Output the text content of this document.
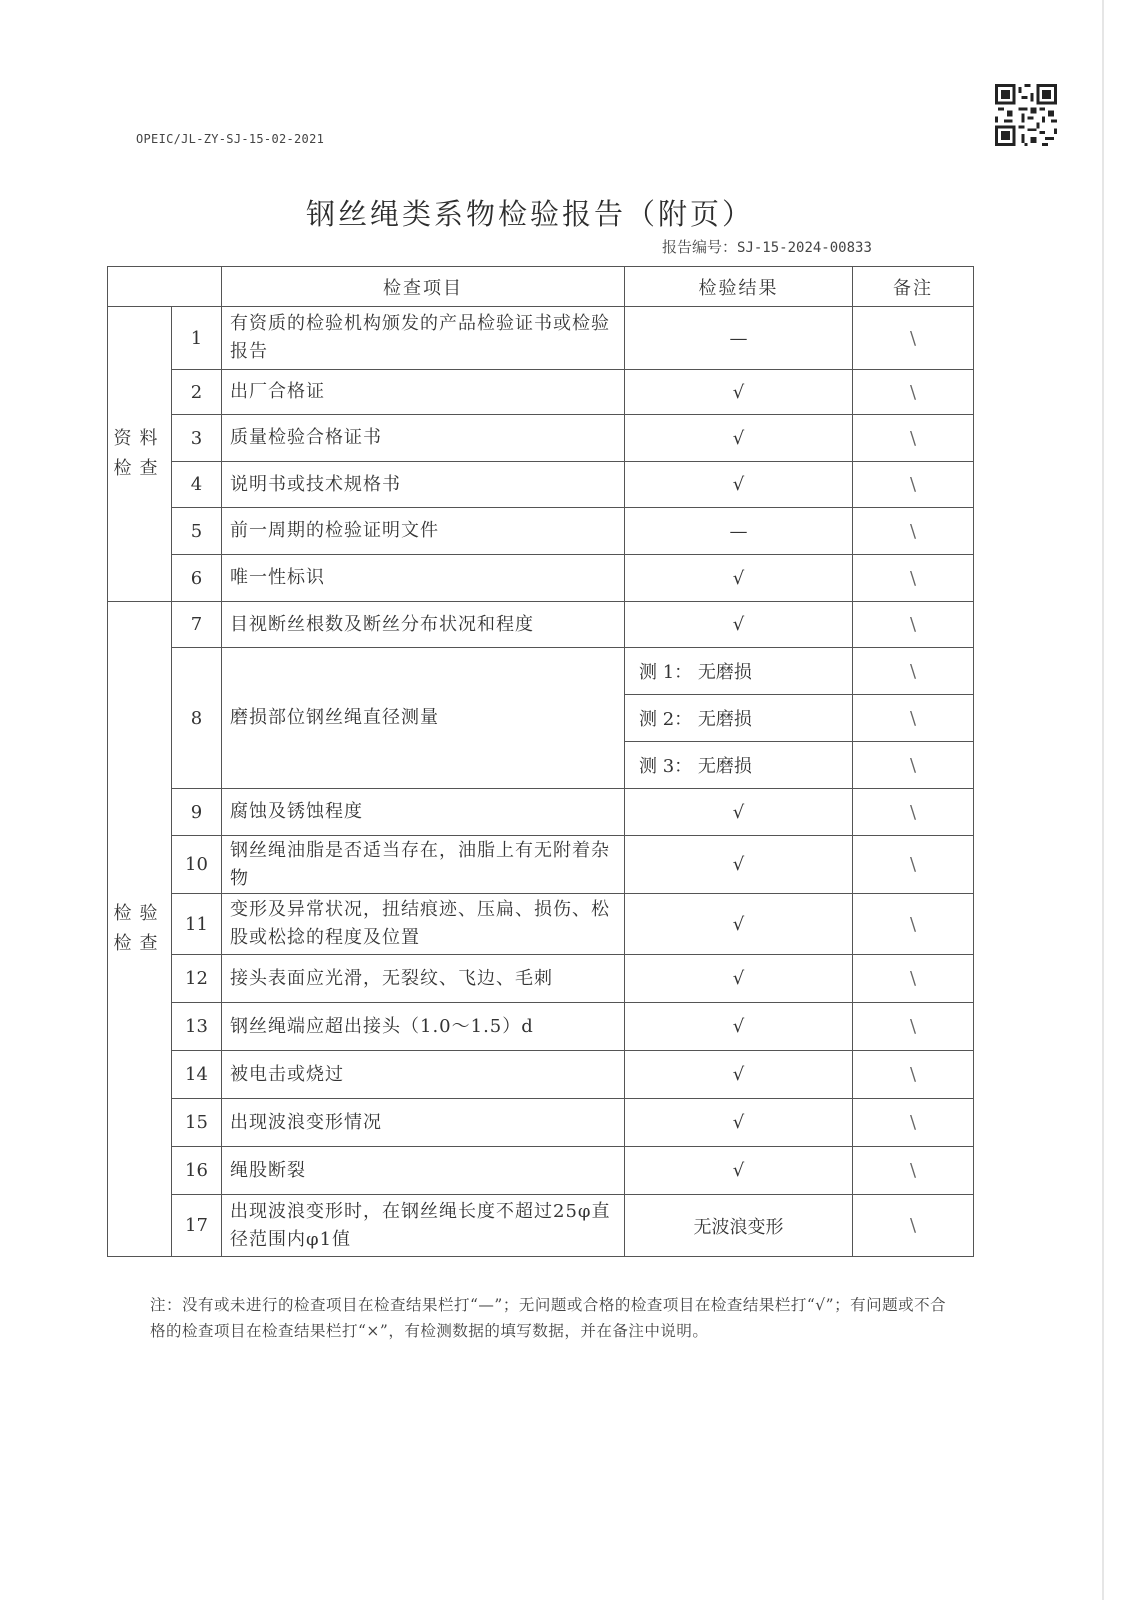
OPEIC/JL-ZY-SJ-15-02-2021
钢丝绳类系物检验报告（附页）
报告编号：SJ-15-2024-00833
		检查项目	检验结果	备注
资料检查	1	有资质的检验机构颁发的产品检验证书或检验报告	—	\
	2	出厂合格证	√	\
	3	质量检验合格证书	√	\
	4	说明书或技术规格书	√	\
	5	前一周期的检验证明文件	—	\
	6	唯一性标识	√	\
检验检查	7	目视断丝根数及断丝分布状况和程度	√	\
	8	磨损部位钢丝绳直径测量	测 1： 无磨损	\
			测 2： 无磨损	\
			测 3： 无磨损	\
	9	腐蚀及锈蚀程度	√	\
	10	钢丝绳油脂是否适当存在，油脂上有无附着杂物	√	\
	11	变形及异常状况，扭结痕迹、压扁、损伤、松股或松捻的程度及位置	√	\
	12	接头表面应光滑，无裂纹、飞边、毛刺	√	\
	13	钢丝绳端应超出接头（1.0～1.5）d	√	\
	14	被电击或烧过	√	\
	15	出现波浪变形情况	√	\
	16	绳股断裂	√	\
	17	出现波浪变形时，在钢丝绳长度不超过25φ直径范围内φ1值	无波浪变形	\
注：没有或未进行的检查项目在检查结果栏打“—”；无问题或合格的检查项目在检查结果栏打“√”；有问题或不合格的检查项目在检查结果栏打“×”，有检测数据的填写数据，并在备注中说明。
